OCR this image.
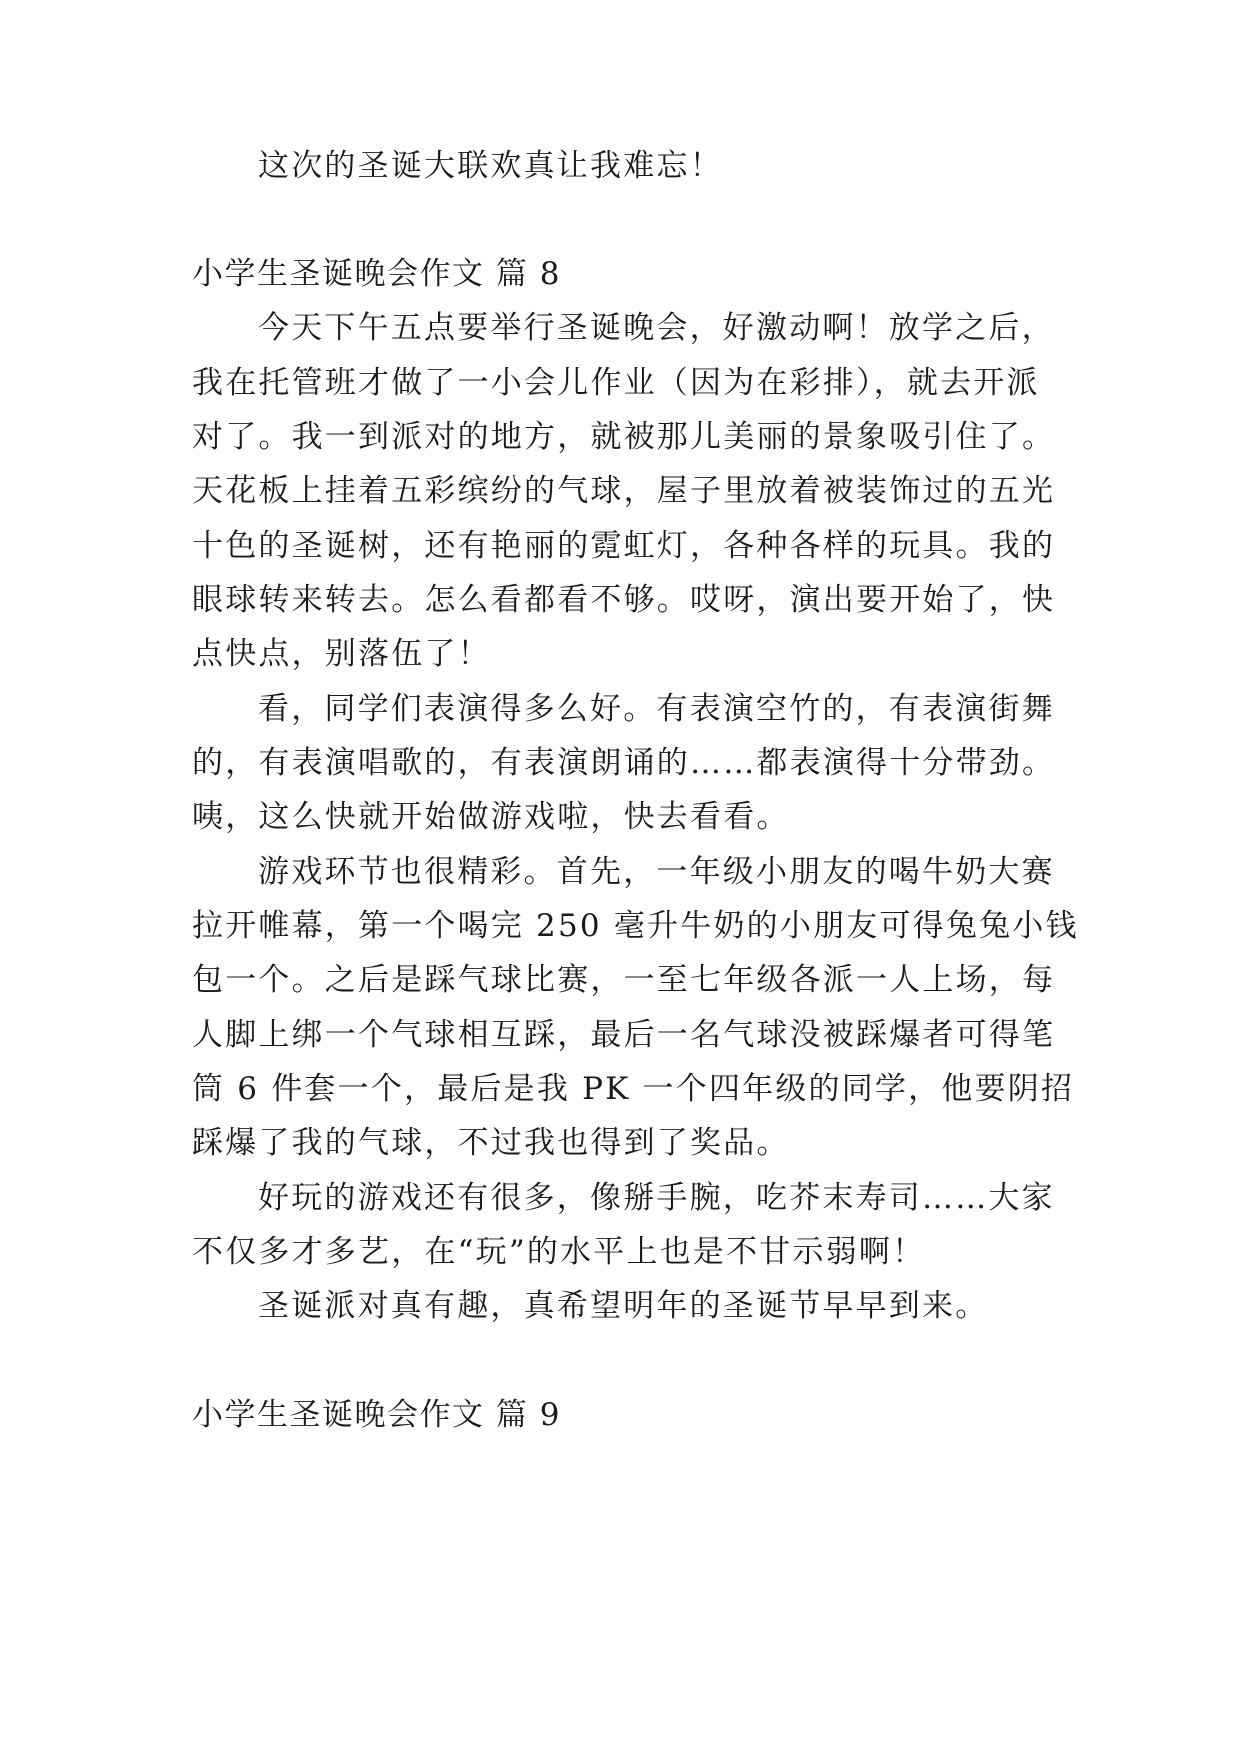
这次的圣诞大联欢真让我难忘！
小学生圣诞晚会作文 篇 8
今天下午五点要举行圣诞晚会，好激动啊！放学之后，
我在托管班才做了一小会儿作业（因为在彩排），就去开派
对了。我一到派对的地方，就被那儿美丽的景象吸引住了。
天花板上挂着五彩缤纷的气球，屋子里放着被装饰过的五光
十色的圣诞树，还有艳丽的霓虹灯，各种各样的玩具。我的
眼球转来转去。怎么看都看不够。哎呀，演出要开始了，快
点快点，别落伍了！
看，同学们表演得多么好。有表演空竹的，有表演街舞
的，有表演唱歌的，有表演朗诵的……都表演得十分带劲。
咦，这么快就开始做游戏啦，快去看看。
游戏环节也很精彩。首先，一年级小朋友的喝牛奶大赛
拉开帷幕，第一个喝完 250 毫升牛奶的小朋友可得兔兔小钱
包一个。之后是踩气球比赛，一至七年级各派一人上场，每
人脚上绑一个气球相互踩，最后一名气球没被踩爆者可得笔
筒 6 件套一个，最后是我 PK 一个四年级的同学，他要阴招
踩爆了我的气球，不过我也得到了奖品。
好玩的游戏还有很多，像掰手腕，吃芥末寿司……大家
不仅多才多艺，在“玩”的水平上也是不甘示弱啊！
圣诞派对真有趣，真希望明年的圣诞节早早到来。
小学生圣诞晚会作文 篇 9
